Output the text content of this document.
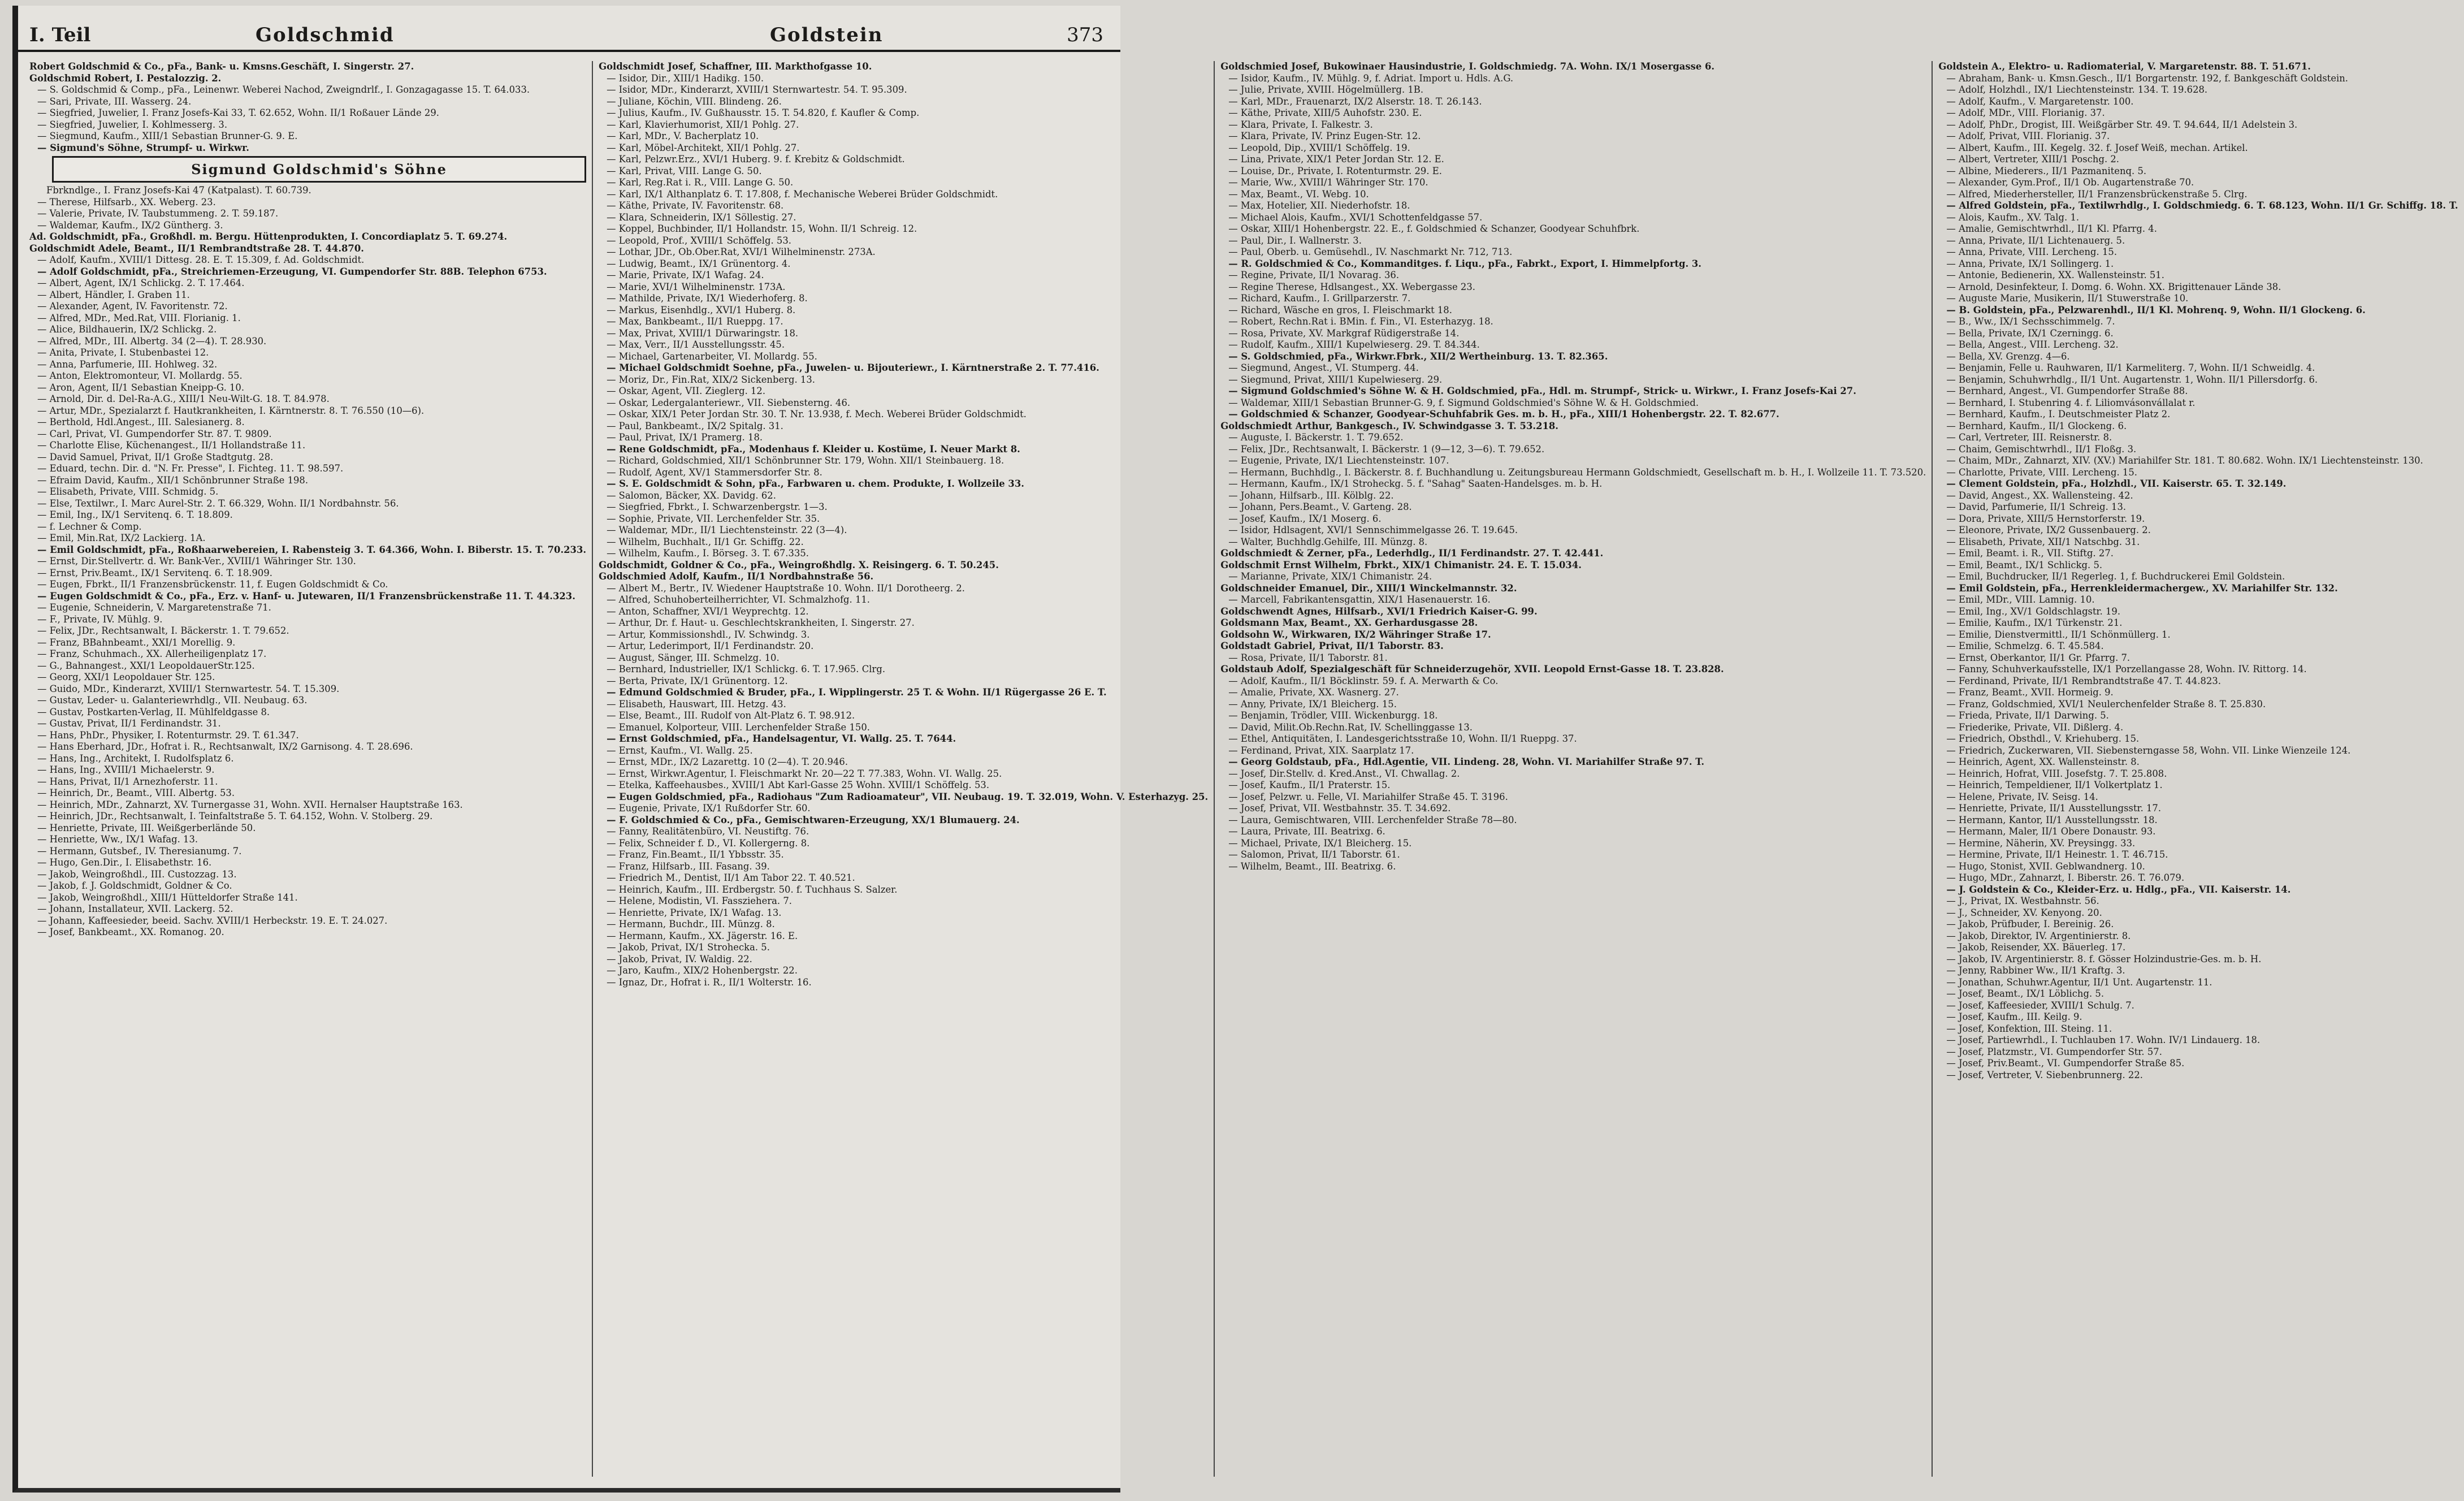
I. Teil	Goldschmid	Goldstein	373
Robert Goldschmid & Co., pFa., Bank- u. Kmsns.Geschäft, I. Singerstr. 27.
Goldschmid Robert, I. Pestalozzig. 2.
— S. Goldschmid & Comp., pFa., Leinenwr. Weberei Nachod, Zweigndrlf., I. Gonzagagasse 15. T. 64.033.
— Sari, Private, III. Wasserg. 24.
— Siegfried, Juwelier, I. Franz Josefs-Kai 33, T. 62.652, Wohn. II/1 Roßauer Lände 29.
— Siegfried, Juwelier, I. Kohlmesserg. 3.
— Siegmund, Kaufm., XIII/1 Sebastian Brunner-G. 9. E.
— Sigmund's Söhne, Strumpf- u. Wirkwr.
Sigmund Goldschmid's Söhne
Fbrkndlge., I. Franz Josefs-Kai 47 (Katpalast). T. 60.739.
— Therese, Hilfsarb., XX. Weberg. 23.
— Valerie, Private, IV. Taubstummeng. 2. T. 59.187.
— Waldemar, Kaufm., IX/2 Güntherg. 3.
Ad. Goldschmidt, pFa., Großhdl. m. Bergu. Hüttenprodukten, I. Concordiaplatz 5. T. 69.274.
Goldschmidt Adele, Beamt., II/1 Rembrandtstraße 28. T. 44.870.
— Adolf, Kaufm., XVIII/1 Dittesg. 28. E. T. 15.309, f. Ad. Goldschmidt.
— Adolf Goldschmidt, pFa., Streichriemen-Erzeugung, VI. Gumpendorfer Str. 88B. Telephon 6753.
— Albert, Agent, IX/1 Schlickg. 2. T. 17.464.
— Albert, Händler, I. Graben 11.
— Alexander, Agent, IV. Favoritenstr. 72.
— Alfred, MDr., Med.Rat, VIII. Florianig. 1.
— Alice, Bildhauerin, IX/2 Schlickg. 2.
— Alfred, MDr., III. Albertg. 34 (2—4). T. 28.930.
— Anita, Private, I. Stubenbastei 12.
— Anna, Parfumerie, III. Hohlweg. 32.
— Anton, Elektromonteur, VI. Mollardg. 55.
— Aron, Agent, II/1 Sebastian Kneipp-G. 10.
— Arnold, Dir. d. Del-Ra-A.G., XIII/1 Neu-Wilt-G. 18. T. 84.978.
— Artur, MDr., Spezialarzt f. Hautkrankheiten, I. Kärntnerstr. 8. T. 76.550 (10—6).
— Berthold, Hdl.Angest., III. Salesianerg. 8.
— Carl, Privat, VI. Gumpendorfer Str. 87. T. 9809.
— Charlotte Elise, Küchenangest., II/1 Hollandstraße 11.
— David Samuel, Privat, II/1 Große Stadtgutg. 28.
— Eduard, techn. Dir. d. "N. Fr. Presse", I. Fichteg. 11. T. 98.597.
— Efraim David, Kaufm., XII/1 Schönbrunner Straße 198.
— Elisabeth, Private, VIII. Schmidg. 5.
— Else, Textilwr., I. Marc Aurel-Str. 2. T. 66.329, Wohn. II/1 Nordbahnstr. 56.
— Emil, Ing., IX/1 Servitenq. 6. T. 18.809.
— f. Lechner & Comp.
— Emil, Min.Rat, IX/2 Lackierg. 1A.
— Emil Goldschmidt, pFa., Roßhaarwebereien, I. Rabensteig 3. T. 64.366, Wohn. I. Biberstr. 15. T. 70.233.
— Ernst, Dir.Stellvertr. d. Wr. Bank-Ver., XVIII/1 Währinger Str. 130.
— Ernst, Priv.Beamt., IX/1 Servitenq. 6. T. 18.909.
— Eugen, Fbrkt., II/1 Franzensbrückenstr. 11, f. Eugen Goldschmidt & Co.
— Eugen Goldschmidt & Co., pFa., Erz. v. Hanf- u. Jutewaren, II/1 Franzensbrückenstraße 11. T. 44.323.
— Eugenie, Schneiderin, V. Margaretenstraße 71.
— F., Private, IV. Mühlg. 9.
— Felix, JDr., Rechtsanwalt, I. Bäckerstr. 1. T. 79.652.
— Franz, BBahnbeamt., XXI/1 Morellig. 9.
— Franz, Schuhmach., XX. Allerheiligenplatz 17.
— G., Bahnangest., XXI/1 LeopoldauerStr.125.
— Georg, XXI/1 Leopoldauer Str. 125.
— Guido, MDr., Kinderarzt, XVIII/1 Sternwartestr. 54. T. 15.309.
— Gustav, Leder- u. Galanteriewrhdlg., VII. Neubaug. 63.
— Gustav, Postkarten-Verlag, II. Mühlfeldgasse 8.
— Gustav, Privat, II/1 Ferdinandstr. 31.
— Hans, PhDr., Physiker, I. Rotenturmstr. 29. T. 61.347.
— Hans Eberhard, JDr., Hofrat i. R., Rechtsanwalt, IX/2 Garnisong. 4. T. 28.696.
— Hans, Ing., Architekt, I. Rudolfsplatz 6.
— Hans, Ing., XVIII/1 Michaelerstr. 9.
— Hans, Privat, II/1 Arnezhoferstr. 11.
— Heinrich, Dr., Beamt., VIII. Albertg. 53.
— Heinrich, MDr., Zahnarzt, XV. Turnergasse 31, Wohn. XVII. Hernalser Hauptstraße 163.
— Heinrich, JDr., Rechtsanwalt, I. Teinfaltstraße 5. T. 64.152, Wohn. V. Stolberg. 29.
— Henriette, Private, III. Weißgerberlände 50.
— Henriette, Ww., IX/1 Wafag. 13.
— Hermann, Gutsbef., IV. Theresianumg. 7.
— Hugo, Gen.Dir., I. Elisabethstr. 16.
— Jakob, Weingroßhdl., III. Custozzag. 13.
— Jakob, f. J. Goldschmidt, Goldner & Co.
— Jakob, Weingroßhdl., XIII/1 Hütteldorfer Straße 141.
— Johann, Installateur, XVII. Lackerg. 52.
— Johann, Kaffeesieder, beeid. Sachv. XVIII/1 Herbeckstr. 19. E. T. 24.027.
— Josef, Bankbeamt., XX. Romanog. 20.
Goldschmidt Josef, Schaffner, III. Markthofgasse 10.
— Isidor, Dir., XIII/1 Hadikg. 150.
— Isidor, MDr., Kinderarzt, XVIII/1 Sternwartestr. 54. T. 95.309.
— Juliane, Köchin, VIII. Blindeng. 26.
— Julius, Kaufm., IV. Gußhausstr. 15. T. 54.820, f. Kaufler & Comp.
— Karl, Klavierhumorist, XII/1 Pohlg. 27.
— Karl, MDr., V. Bacherplatz 10.
— Karl, Möbel-Architekt, XII/1 Pohlg. 27.
— Karl, Pelzwr.Erz., XVI/1 Huberg. 9. f. Krebitz & Goldschmidt.
— Karl, Privat, VIII. Lange G. 50.
— Karl, Reg.Rat i. R., VIII. Lange G. 50.
— Karl, IX/1 Althanplatz 6. T. 17.808, f. Mechanische Weberei Brüder Goldschmidt.
— Käthe, Private, IV. Favoritenstr. 68.
— Klara, Schneiderin, IX/1 Söllestig. 27.
— Koppel, Buchbinder, II/1 Hollandstr. 15, Wohn. II/1 Schreig. 12.
— Leopold, Prof., XVIII/1 Schöffelg. 53.
— Lothar, JDr., Ob.Ober.Rat, XVI/1 Wilhelminenstr. 273A.
— Ludwig, Beamt., IX/1 Grünentorg. 4.
— Marie, Private, IX/1 Wafag. 24.
— Marie, XVI/1 Wilhelminenstr. 173A.
— Mathilde, Private, IX/1 Wiederhoferg. 8.
— Markus, Eisenhdlg., XVI/1 Huberg. 8.
— Max, Bankbeamt., II/1 Rueppg. 17.
— Max, Privat, XVIII/1 Dürwaringstr. 18.
— Max, Verr., II/1 Ausstellungsstr. 45.
— Michael, Gartenarbeiter, VI. Mollardg. 55.
— Michael Goldschmidt Soehne, pFa., Juwelen- u. Bijouteriewr., I. Kärntnerstraße 2. T. 77.416.
— Moriz, Dr., Fin.Rat, XIX/2 Sickenberg. 13.
— Oskar, Agent, VII. Zieglerg. 12.
— Oskar, Ledergalanteriewr., VII. Siebensterng. 46.
— Oskar, XIX/1 Peter Jordan Str. 30. T. Nr. 13.938, f. Mech. Weberei Brüder Goldschmidt.
— Paul, Bankbeamt., IX/2 Spitalg. 31.
— Paul, Privat, IX/1 Pramerg. 18.
— Rene Goldschmidt, pFa., Modenhaus f. Kleider u. Kostüme, I. Neuer Markt 8.
— Richard, Goldschmied, XII/1 Schönbrunner Str. 179, Wohn. XII/1 Steinbauerg. 18.
— Rudolf, Agent, XV/1 Stammersdorfer Str. 8.
— S. E. Goldschmidt & Sohn, pFa., Farbwaren u. chem. Produkte, I. Wollzeile 33.
— Salomon, Bäcker, XX. Davidg. 62.
— Siegfried, Fbrkt., I. Schwarzenbergstr. 1—3.
— Sophie, Private, VII. Lerchenfelder Str. 35.
— Waldemar, MDr., II/1 Liechtensteinstr. 22 (3—4).
— Wilhelm, Buchhalt., II/1 Gr. Schiffg. 22.
— Wilhelm, Kaufm., I. Börseg. 3. T. 67.335.
Goldschmidt, Goldner & Co., pFa., Weingroßhdlg. X. Reisingerg. 6. T. 50.245.
Goldschmied Adolf, Kaufm., II/1 Nordbahnstraße 56.
— Albert M., Bertr., IV. Wiedener Hauptstraße 10. Wohn. II/1 Dorotheerg. 2.
— Alfred, Schuhoberteilherrichter, VI. Schmalzhofg. 11.
— Anton, Schaffner, XVI/1 Weyprechtg. 12.
— Arthur, Dr. f. Haut- u. Geschlechtskrankheiten, I. Singerstr. 27.
— Artur, Kommissionshdl., IV. Schwindg. 3.
— Artur, Lederimport, II/1 Ferdinandstr. 20.
— August, Sänger, III. Schmelzg. 10.
— Bernhard, Industrieller, IX/1 Schlickg. 6. T. 17.965. Clrg.
— Berta, Private, IX/1 Grünentorg. 12.
— Edmund Goldschmied & Bruder, pFa., I. Wipplingerstr. 25 T. & Wohn. II/1 Rügergasse 26 E. T.
— Elisabeth, Hauswart, III. Hetzg. 43.
— Else, Beamt., III. Rudolf von Alt-Platz 6. T. 98.912.
— Emanuel, Kolporteur, VIII. Lerchenfelder Straße 150.
— Ernst Goldschmied, pFa., Handelsagentur, VI. Wallg. 25. T. 7644.
— Ernst, Kaufm., VI. Wallg. 25.
— Ernst, MDr., IX/2 Lazarettg. 10 (2—4). T. 20.946.
— Ernst, Wirkwr.Agentur, I. Fleischmarkt Nr. 20—22 T. 77.383, Wohn. VI. Wallg. 25.
— Etelka, Kaffeehausbes., XVIII/1 Abt Karl-Gasse 25 Wohn. XVIII/1 Schöffelg. 53.
— Eugen Goldschmied, pFa., Radiohaus "Zum Radioamateur", VII. Neubaug. 19. T. 32.019, Wohn. V. Esterhazyg. 25.
— Eugenie, Private, IX/1 Rußdorfer Str. 60.
— F. Goldschmied & Co., pFa., Gemischtwaren-Erzeugung, XX/1 Blumauerg. 24.
— Fanny, Realitätenbüro, VI. Neustiftg. 76.
— Felix, Schneider f. D., VI. Kollergerng. 8.
— Franz, Fin.Beamt., II/1 Ybbsstr. 35.
— Franz, Hilfsarb., III. Fasang. 39.
— Friedrich M., Dentist, II/1 Am Tabor 22. T. 40.521.
— Heinrich, Kaufm., III. Erdbergstr. 50. f. Tuchhaus S. Salzer.
— Helene, Modistin, VI. Fassziehera. 7.
— Henriette, Private, IX/1 Wafag. 13.
— Hermann, Buchdr., III. Münzg. 8.
— Hermann, Kaufm., XX. Jägerstr. 16. E.
— Jakob, Privat, IX/1 Strohecka. 5.
— Jakob, Privat, IV. Waldig. 22.
— Jaro, Kaufm., XIX/2 Hohenbergstr. 22.
— Ignaz, Dr., Hofrat i. R., II/1 Wolterstr. 16.
Goldschmied Josef, Bukowinaer Hausindustrie, I. Goldschmiedg. 7A. Wohn. IX/1 Mosergasse 6.
— Isidor, Kaufm., IV. Mühlg. 9, f. Adriat. Import u. Hdls. A.G.
— Julie, Private, XVIII. Högelmüllerg. 1B.
— Karl, MDr., Frauenarzt, IX/2 Alserstr. 18. T. 26.143.
— Käthe, Private, XIII/5 Auhofstr. 230. E.
— Klara, Private, I. Falkestr. 3.
— Klara, Private, IV. Prinz Eugen-Str. 12.
— Leopold, Dip., XVIII/1 Schöffelg. 19.
— Lina, Private, XIX/1 Peter Jordan Str. 12. E.
— Louise, Dr., Private, I. Rotenturmstr. 29. E.
— Marie, Ww., XVIII/1 Währinger Str. 170.
— Max, Beamt., VI. Webg. 10.
— Max, Hotelier, XII. Niederhofstr. 18.
— Michael Alois, Kaufm., XVI/1 Schottenfeldgasse 57.
— Oskar, XIII/1 Hohenbergstr. 22. E., f. Goldschmied & Schanzer, Goodyear Schuhfbrk.
— Paul, Dir., I. Wallnerstr. 3.
— Paul, Oberb. u. Gemüsehdl., IV. Naschmarkt Nr. 712, 713.
— R. Goldschmied & Co., Kommanditges. f. Liqu., pFa., Fabrkt., Export, I. Himmelpfortg. 3.
— Regine, Private, II/1 Novarag. 36.
— Regine Therese, Hdlsangest., XX. Webergasse 23.
— Richard, Kaufm., I. Grillparzerstr. 7.
— Richard, Wäsche en gros, I. Fleischmarkt 18.
— Robert, Rechn.Rat i. BMin. f. Fin., VI. Esterhazyg. 18.
— Rosa, Private, XV. Markgraf Rüdigerstraße 14.
— Rudolf, Kaufm., XIII/1 Kupelwieserg. 29. T. 84.344.
— S. Goldschmied, pFa., Wirkwr.Fbrk., XII/2 Wertheinburg. 13. T. 82.365.
— Siegmund, Angest., VI. Stumperg. 44.
— Siegmund, Privat, XIII/1 Kupelwieserg. 29.
— Sigmund Goldschmied's Söhne W. & H. Goldschmied, pFa., Hdl. m. Strumpf-, Strick- u. Wirkwr., I. Franz Josefs-Kai 27.
— Waldemar, XIII/1 Sebastian Brunner-G. 9, f. Sigmund Goldschmied's Söhne W. & H. Goldschmied.
— Goldschmied & Schanzer, Goodyear-Schuhfabrik Ges. m. b. H., pFa., XIII/1 Hohenbergstr. 22. T. 82.677.
Goldschmiedt Arthur, Bankgesch., IV. Schwindgasse 3. T. 53.218.
— Auguste, I. Bäckerstr. 1. T. 79.652.
— Felix, JDr., Rechtsanwalt, I. Bäckerstr. 1 (9—12, 3—6). T. 79.652.
— Eugenie, Private, IX/1 Liechtensteinstr. 107.
— Hermann, Buchhdlg., I. Bäckerstr. 8. f. Buchhandlung u. Zeitungsbureau Hermann Goldschmiedt, Gesellschaft m. b. H., I. Wollzeile 11. T. 73.520.
— Hermann, Kaufm., IX/1 Stroheckg. 5. f. "Sahag" Saaten-Handelsges. m. b. H.
— Johann, Hilfsarb., III. Kölblg. 22.
— Johann, Pers.Beamt., V. Garteng. 28.
— Josef, Kaufm., IX/1 Moserg. 6.
— Isidor, Hdlsagent, XVI/1 Sennschimmelgasse 26. T. 19.645.
— Walter, Buchhdlg.Gehilfe, III. Münzg. 8.
Goldschmiedt & Zerner, pFa., Lederhdlg., II/1 Ferdinandstr. 27. T. 42.441.
Goldschmit Ernst Wilhelm, Fbrkt., XIX/1 Chimanistr. 24. E. T. 15.034.
— Marianne, Private, XIX/1 Chimanistr. 24.
Goldschneider Emanuel, Dir., XIII/1 Winckelmannstr. 32.
— Marcell, Fabrikantensgattin, XIX/1 Hasenauerstr. 16.
Goldschwendt Agnes, Hilfsarb., XVI/1 Friedrich Kaiser-G. 99.
Goldsmann Max, Beamt., XX. Gerhardusgasse 28.
Goldsohn W., Wirkwaren, IX/2 Währinger Straße 17.
Goldstadt Gabriel, Privat, II/1 Taborstr. 83.
— Rosa, Private, II/1 Taborstr. 81.
Goldstaub Adolf, Spezialgeschäft für Schneiderzugehör, XVII. Leopold Ernst-Gasse 18. T. 23.828.
— Adolf, Kaufm., II/1 Böcklinstr. 59. f. A. Merwarth & Co.
— Amalie, Private, XX. Wasnerg. 27.
— Anny, Private, IX/1 Bleicherg. 15.
— Benjamin, Trödler, VIII. Wickenburgg. 18.
— David, Milit.Ob.Rechn.Rat, IV. Schellinggasse 13.
— Ethel, Antiquitäten, I. Landesgerichtsstraße 10, Wohn. II/1 Rueppg. 37.
— Ferdinand, Privat, XIX. Saarplatz 17.
— Georg Goldstaub, pFa., Hdl.Agentie, VII. Lindeng. 28, Wohn. VI. Mariahilfer Straße 97. T.
— Josef, Dir.Stellv. d. Kred.Anst., VI. Chwallag. 2.
— Josef, Kaufm., II/1 Praterstr. 15.
— Josef, Pelzwr. u. Felle, VI. Mariahilfer Straße 45. T. 3196.
— Josef, Privat, VII. Westbahnstr. 35. T. 34.692.
— Laura, Gemischtwaren, VIII. Lerchenfelder Straße 78—80.
— Laura, Private, III. Beatrixg. 6.
— Michael, Private, IX/1 Bleicherg. 15.
— Salomon, Privat, II/1 Taborstr. 61.
— Wilhelm, Beamt., III. Beatrixg. 6.
Goldstein A., Elektro- u. Radiomaterial, V. Margaretenstr. 88. T. 51.671.
— Abraham, Bank- u. Kmsn.Gesch., II/1 Borgartenstr. 192, f. Bankgeschäft Goldstein.
— Adolf, Holzhdl., IX/1 Liechtensteinstr. 134. T. 19.628.
— Adolf, Kaufm., V. Margaretenstr. 100.
— Adolf, MDr., VIII. Florianig. 37.
— Adolf, PhDr., Drogist, III. Weißgärber Str. 49. T. 94.644, II/1 Adelstein 3.
— Adolf, Privat, VIII. Florianig. 37.
— Albert, Kaufm., III. Kegelg. 32. f. Josef Weiß, mechan. Artikel.
— Albert, Vertreter, XIII/1 Poschg. 2.
— Albine, Miederers., II/1 Pazmanitenq. 5.
— Alexander, Gym.Prof., II/1 Ob. Augartenstraße 70.
— Alfred, Miederhersteller, II/1 Franzensbrückenstraße 5. Clrg.
— Alfred Goldstein, pFa., Textilwrhdlg., I. Goldschmiedg. 6. T. 68.123, Wohn. II/1 Gr. Schiffg. 18. T.
— Alois, Kaufm., XV. Talg. 1.
— Amalie, Gemischtwrhdl., II/1 Kl. Pfarrg. 4.
— Anna, Private, II/1 Lichtenauerg. 5.
— Anna, Private, VIII. Lercheng. 15.
— Anna, Private, IX/1 Sollingerg. 1.
— Antonie, Bedienerin, XX. Wallensteinstr. 51.
— Arnold, Desinfekteur, I. Domg. 6. Wohn. XX. Brigittenauer Lände 38.
— Auguste Marie, Musikerin, II/1 Stuwerstraße 10.
— B. Goldstein, pFa., Pelzwarenhdl., II/1 Kl. Mohrenq. 9, Wohn. II/1 Glockeng. 6.
— B., Ww., IX/1 Sechsschimmelg. 7.
— Bella, Private, IX/1 Czerningg. 6.
— Bella, Angest., VIII. Lercheng. 32.
— Bella, XV. Grenzg. 4—6.
— Benjamin, Felle u. Rauhwaren, II/1 Karmeliterg. 7, Wohn. II/1 Schweidlg. 4.
— Benjamin, Schuhwrhdlg., II/1 Unt. Augartenstr. 1, Wohn. II/1 Pillersdorfg. 6.
— Bernhard, Angest., VI. Gumpendorfer Straße 88.
— Bernhard, I. Stubenring 4. f. Liliomvásonvállalat r.
— Bernhard, Kaufm., I. Deutschmeister Platz 2.
— Bernhard, Kaufm., II/1 Glockeng. 6.
— Carl, Vertreter, III. Reisnerstr. 8.
— Chaim, Gemischtwrhdl., II/1 Floßg. 3.
— Chaim, MDr., Zahnarzt, XIV. (XV.) Mariahilfer Str. 181. T. 80.682. Wohn. IX/1 Liechtensteinstr. 130.
— Charlotte, Private, VIII. Lercheng. 15.
— Clement Goldstein, pFa., Holzhdl., VII. Kaiserstr. 65. T. 32.149.
— David, Angest., XX. Wallensteing. 42.
— David, Parfumerie, II/1 Schreig. 13.
— Dora, Private, XIII/5 Hernstorferstr. 19.
— Eleonore, Private, IX/2 Gussenbauerg. 2.
— Elisabeth, Private, XII/1 Natschbg. 31.
— Emil, Beamt. i. R., VII. Stiftg. 27.
— Emil, Beamt., IX/1 Schlickg. 5.
— Emil, Buchdrucker, II/1 Regerleg. 1, f. Buchdruckerei Emil Goldstein.
— Emil Goldstein, pFa., Herrenkleidermachergew., XV. Mariahilfer Str. 132.
— Emil, MDr., VIII. Lamnig. 10.
— Emil, Ing., XV/1 Goldschlagstr. 19.
— Emilie, Kaufm., IX/1 Türkenstr. 21.
— Emilie, Dienstvermittl., II/1 Schönmüllerg. 1.
— Emilie, Schmelzg. 6. T. 45.584.
— Ernst, Oberkantor, II/1 Gr. Pfarrg. 7.
— Fanny, Schuhverkaufsstelle, IX/1 Porzellangasse 28, Wohn. IV. Rittorg. 14.
— Ferdinand, Private, II/1 Rembrandtstraße 47. T. 44.823.
— Franz, Beamt., XVII. Hormeig. 9.
— Franz, Goldschmied, XVI/1 Neulerchenfelder Straße 8. T. 25.830.
— Frieda, Private, II/1 Darwing. 5.
— Friederike, Private, VII. Dißlerg. 4.
— Friedrich, Obsthdl., V. Kriehuberg. 15.
— Friedrich, Zuckerwaren, VII. Siebensterngasse 58, Wohn. VII. Linke Wienzeile 124.
— Heinrich, Agent, XX. Wallensteinstr. 8.
— Heinrich, Hofrat, VIII. Josefstg. 7. T. 25.808.
— Heinrich, Tempeldiener, II/1 Volkertplatz 1.
— Helene, Private, IV. Seisg. 14.
— Henriette, Private, II/1 Ausstellungsstr. 17.
— Hermann, Kantor, II/1 Ausstellungsstr. 18.
— Hermann, Maler, II/1 Obere Donaustr. 93.
— Hermine, Näherin, XV. Preysingg. 33.
— Hermine, Private, II/1 Heinestr. 1. T. 46.715.
— Hugo, Stonist, XVII. Geblwandnerg. 10.
— Hugo, MDr., Zahnarzt, I. Biberstr. 26. T. 76.079.
— J. Goldstein & Co., Kleider-Erz. u. Hdlg., pFa., VII. Kaiserstr. 14.
— J., Privat, IX. Westbahnstr. 56.
— J., Schneider, XV. Kenyong. 20.
— Jakob, Prüfbuder, I. Bereinig. 26.
— Jakob, Direktor, IV. Argentinierstr. 8.
— Jakob, Reisender, XX. Bäuerleg. 17.
— Jakob, IV. Argentinierstr. 8. f. Gösser Holzindustrie-Ges. m. b. H.
— Jenny, Rabbiner Ww., II/1 Kraftg. 3.
— Jonathan, Schuhwr.Agentur, II/1 Unt. Augartenstr. 11.
— Josef, Beamt., IX/1 Löblichg. 5.
— Josef, Kaffeesieder, XVIII/1 Schulg. 7.
— Josef, Kaufm., III. Keilg. 9.
— Josef, Konfektion, III. Steing. 11.
— Josef, Partiewrhdl., I. Tuchlauben 17. Wohn. IV/1 Lindauerg. 18.
— Josef, Platzmstr., VI. Gumpendorfer Str. 57.
— Josef, Priv.Beamt., VI. Gumpendorfer Straße 85.
— Josef, Vertreter, V. Siebenbrunnerg. 22.
